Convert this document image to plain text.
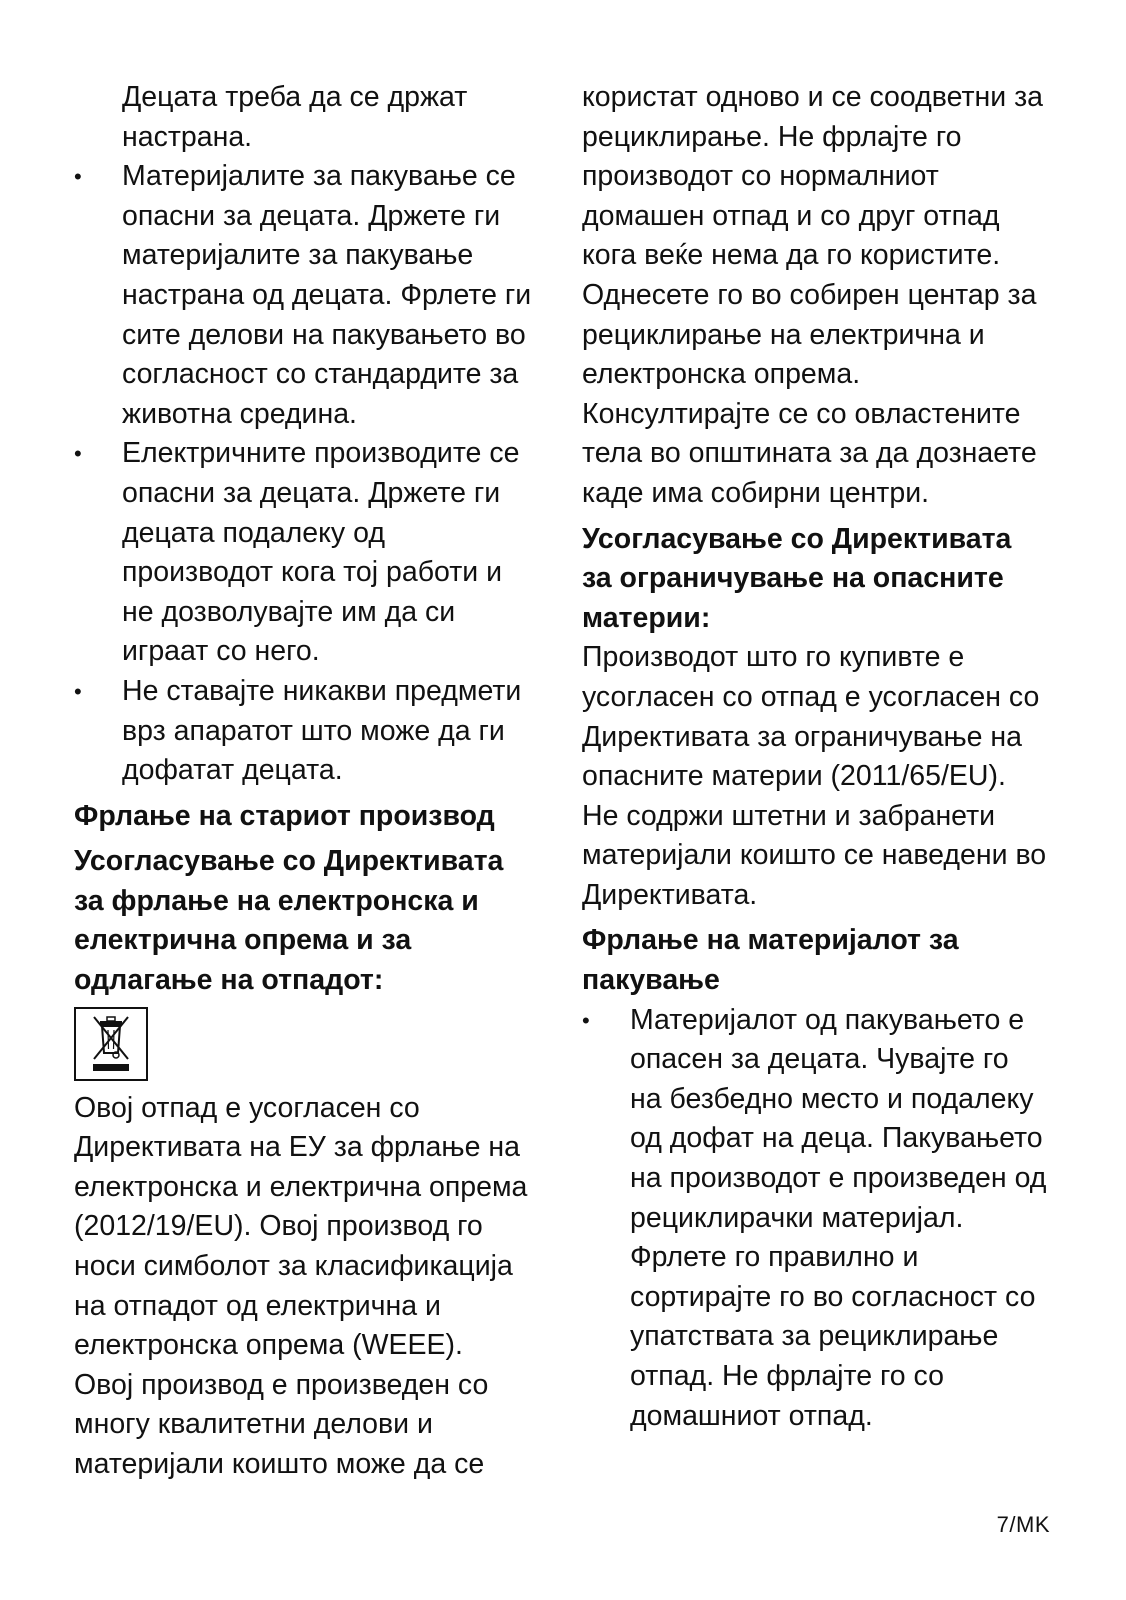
Децата треба да се држат
настрана.
•	Материјалите за пакување се
опасни за децата. Држете ги
материјалите за пакување
настрана од децата. Фрлете ги
сите делови на пакувањето во
согласност со стандардите за
животна средина.
•	Електричните производите се
опасни за децата. Држете ги
децата подалеку од
производот кога тој работи и
не дозволувајте им да си
играат со него.
•	Не ставајте никакви предмети
врз апаратот што може да ги
дофатат децата.
Фрлање на стариот производ
Усогласување со Директивата
за фрлање на електронска и
електрична опрема и за
одлагање на отпадот:
Овој отпад е усогласен со
Директивата на ЕУ за фрлање на
електронска и електрична опрема
(2012/19/EU). Овој производ го
носи симболот за класификација
на отпадот од електрична и
електронска опрема (WEEE).
Овој производ е произведен со
многу квалитетни делови и
материјали коишто може да се
користат одново и се соодветни за
рециклирање. Не фрлајте го
производот со нормалниот
домашен отпад и со друг отпад
кога веќе нема да го користите.
Однесете го во собирен центар за
рециклирање на електрична и
електронска опрема.
Консултирајте се со овластените
тела во општината за да дознаете
каде има собирни центри.
Усогласување со Директивата
за ограничување на опасните
материи:
Производот што го купивте е
усогласен со отпад е усогласен со
Директивата за ограничување на
опасните материи (2011/65/EU).
Не содржи штетни и забранети
материјали коишто се наведени во
Директивата.
Фрлање на материјалот за
пакување
•	Материјалот од пакувањето е
опасен за децата. Чувајте го
на безбедно место и подалеку
од дофат на деца. Пакувањето
на производот е произведен од
рециклирачки материјал.
Фрлете го правилно и
сортирајте го во согласност со
упатствата за рециклирање
отпад. Не фрлајте го со
домашниот отпад.
7/MK
